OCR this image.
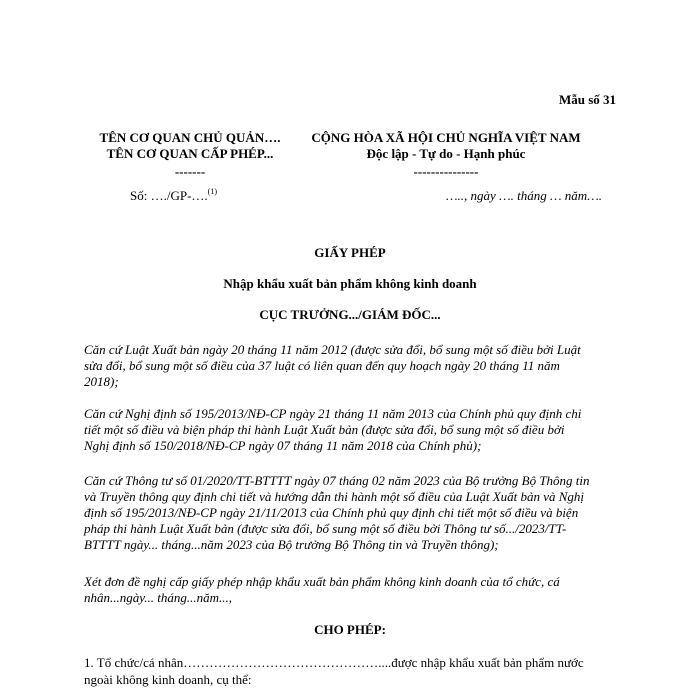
Mẫu số 31
TÊN CƠ QUAN CHỦ QUẢN….
TÊN CƠ QUAN CẤP PHÉP...
-------
Số: …./GP-….$^{(1)}$
CỘNG HÒA XÃ HỘI CHỦ NGHĨA VIỆT NAM
Độc lập - Tự do - Hạnh phúc
---------------
….., ngày …. tháng … năm….
GIẤY PHÉP
Nhập khẩu xuất bản phẩm không kinh doanh
CỤC TRƯỞNG.../GIÁM ĐỐC...
Căn cứ Luật Xuất bản ngày 20 tháng 11 năm 2012 (được sửa đổi, bổ sung một số điều bởi Luật
sửa đổi, bổ sung một số điều của 37 luật có liên quan đến quy hoạch ngày 20 tháng 11 năm
2018);
Căn cứ Nghị định số 195/2013/NĐ-CP ngày 21 tháng 11 năm 2013 của Chính phủ quy định chi
tiết một số điều và biện pháp thi hành Luật Xuất bản (được sửa đổi, bổ sung một số điều bởi
Nghị định số 150/2018/NĐ-CP ngày 07 tháng 11 năm 2018 của Chính phủ);
Căn cứ Thông tư số 01/2020/TT-BTTTT ngày 07 tháng 02 năm 2023 của Bộ trưởng Bộ Thông tin
và Truyền thông quy định chi tiết và hướng dẫn thi hành một số điều của Luật Xuất bản và Nghị
định số 195/2013/NĐ-CP ngày 21/11/2013 của Chính phủ quy định chi tiết một số điều và biện
pháp thi hành Luật Xuất bản (được sửa đổi, bổ sung một số điều bởi Thông tư số.../2023/TT-
BTTTT ngày... tháng...năm 2023 của Bộ trưởng Bộ Thông tin và Truyền thông);
Xét đơn đề nghị cấp giấy phép nhập khẩu xuất bản phẩm không kinh doanh của tổ chức, cá
nhân...ngày... tháng...năm...,
CHO PHÉP:
1. Tổ chức/cá nhân………………………………………....được nhập khẩu xuất bản phẩm nước
ngoài không kinh doanh, cụ thể:
